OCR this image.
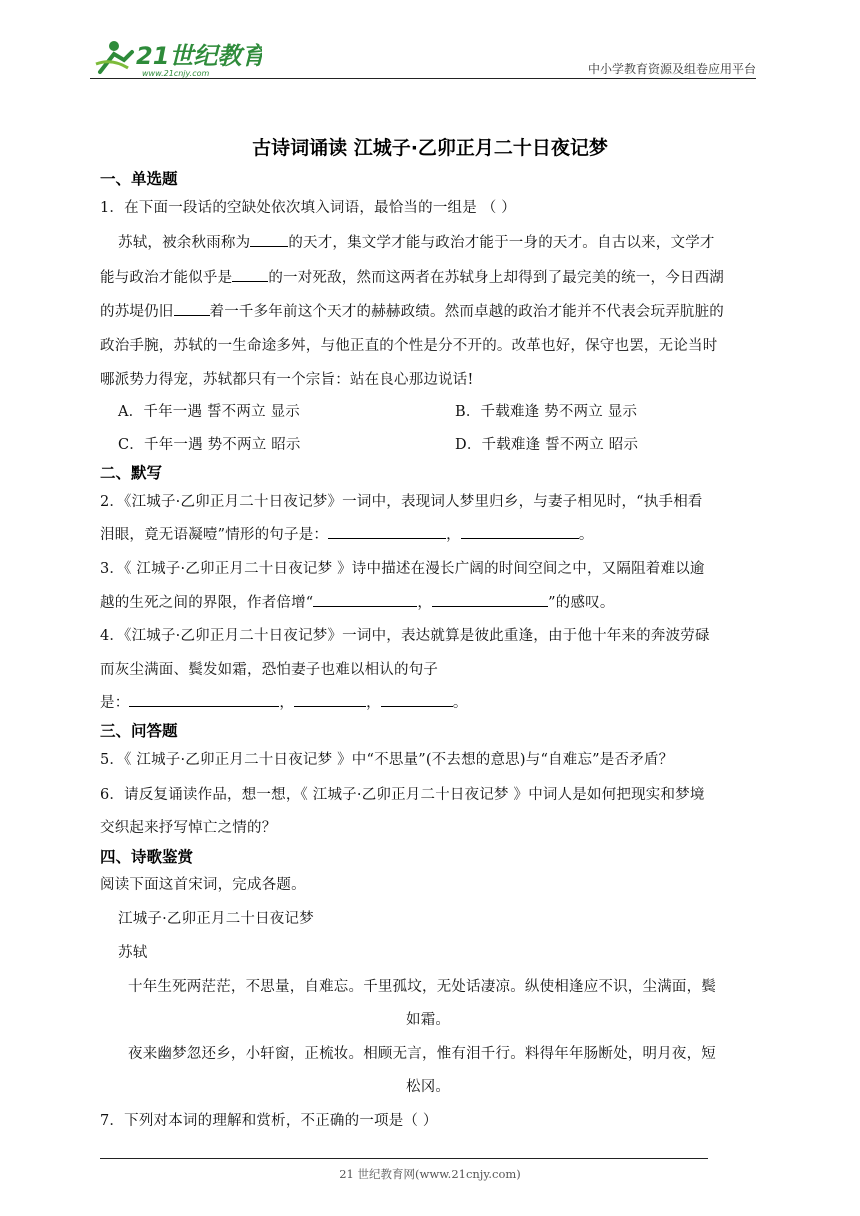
21世纪教育
www.21cnjy.com	中小学教育资源及组卷应用平台
古诗词诵读 江城子·乙卯正月二十日夜记梦
一、单选题
1．在下面一段话的空缺处依次填入词语，最恰当的一组是 （ ）
苏轼，被余秋雨称为	的天才，集文学才能与政治才能于一身的天才。自古以来，文学才
能与政治才能似乎是 的一对死敌，然而这两者在苏轼身上却得到了最完美的统一，今日西湖
的苏堤仍旧 着一千多年前这个天才的赫赫政绩。然而卓越的政治才能并不代表会玩弄肮脏的
政治手腕，苏轼的一生命途多舛，与他正直的个性是分不开的。改革也好，保守也罢，无论当时
哪派势力得宠，苏轼都只有一个宗旨：站在良心那边说话!
A．千年一遇 誓不两立 显示	B．千载难逢 势不两立 显示
C．千年一遇 势不两立 昭示	D．千载难逢 誓不两立 昭示
二、默写
2．《江城子·乙卯正月二十日夜记梦》一词中，表现词人梦里归乡，与妻子相见时，“执手相看
泪眼，竟无语凝噎”情形的句子是：	，	。
3．《 江城子·乙卯正月二十日夜记梦 》诗中描述在漫长广阔的时间空间之中，又隔阻着难以逾
越的生死之间的界限，作者倍增“	，	”的感叹。
4．《江城子·乙卯正月二十日夜记梦》一词中，表达就算是彼此重逢，由于他十年来的奔波劳碌
而灰尘满面、鬓发如霜，恐怕妻子也难以相认的句子
是：	，	，	。
三、问答题
5．《 江城子·乙卯正月二十日夜记梦 》中“不思量”(不去想的意思)与“自难忘”是否矛盾？
6．请反复诵读作品，想一想，《 江城子·乙卯正月二十日夜记梦 》中词人是如何把现实和梦境
交织起来抒写悼亡之情的？
四、诗歌鉴赏
阅读下面这首宋词，完成各题。
江城子·乙卯正月二十日夜记梦
苏轼
十年生死两茫茫，不思量，自难忘。千里孤坟，无处话凄凉。纵使相逢应不识，尘满面，鬓
如霜。
夜来幽梦忽还乡，小轩窗，正梳妆。相顾无言，惟有泪千行。料得年年肠断处，明月夜，短
松冈。
7．下列对本词的理解和赏析，不正确的一项是（ ）
21 世纪教育网(www.21cnjy.com)
